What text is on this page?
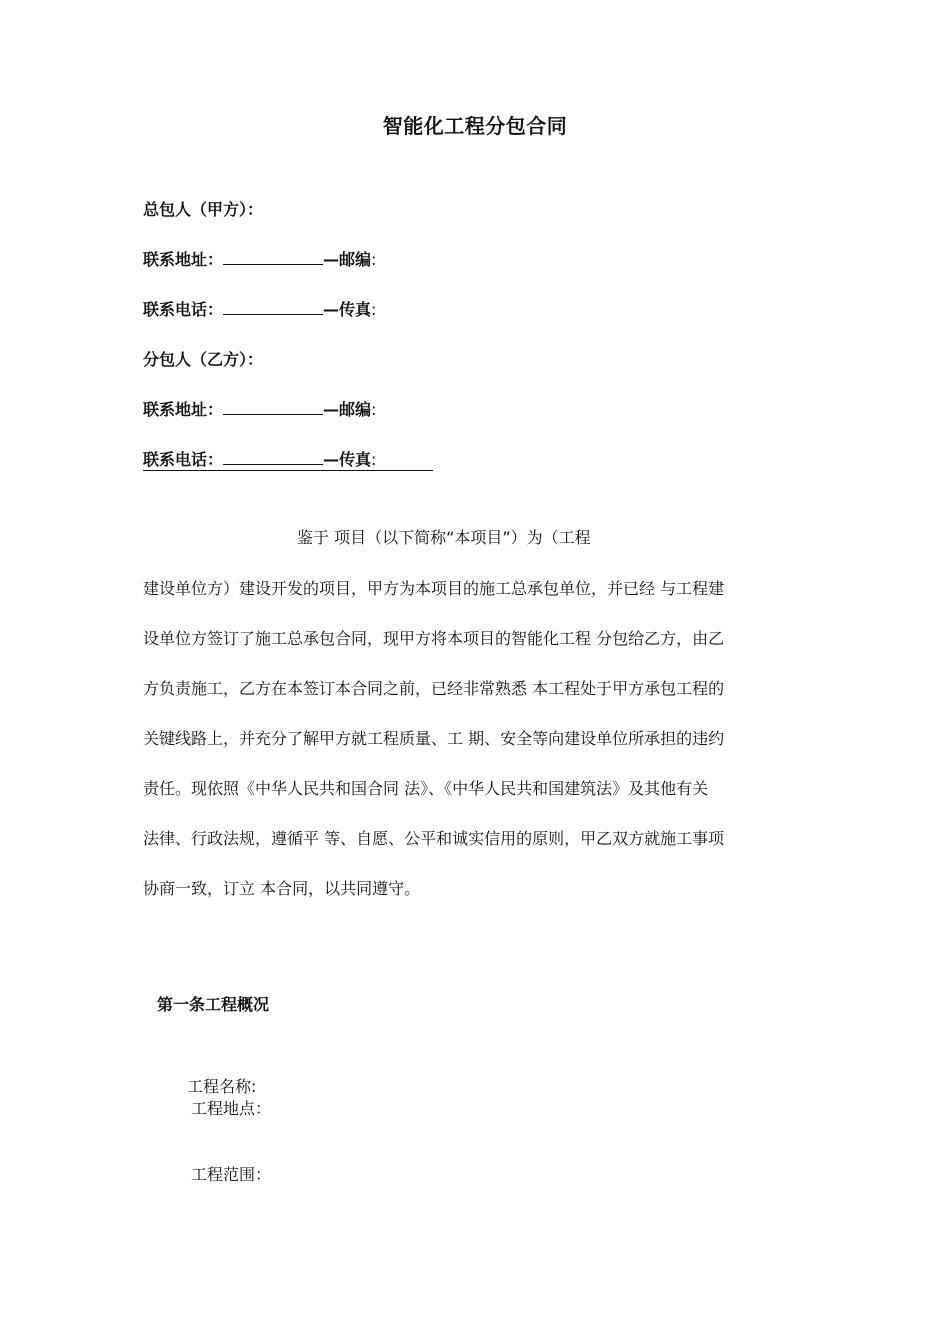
智能化工程分包合同
总包人（甲方）：
联系地址：	—邮编:
联系电话：	—传真:
分包人（乙方）：
联系地址：	—邮编:
联系电话：	—传真:
鉴于 项目（以下简称“本项目”）为（工程
建设单位方）建设开发的项目，甲方为本项目的施工总承包单位，并已经 与工程建
设单位方签订了施工总承包合同，现甲方将本项目的智能化工程 分包给乙方，由乙
方负责施工，乙方在本签订本合同之前，已经非常熟悉 本工程处于甲方承包工程的
关键线路上，并充分了解甲方就工程质量、工 期、安全等向建设单位所承担的违约
责任。现依照《中华人民共和国合同 法》、《中华人民共和国建筑法》及其他有关
法律、行政法规，遵循平 等、自愿、公平和诚实信用的原则，甲乙双方就施工事项
协商一致，订立 本合同，以共同遵守。
第一条工程概况
工程名称:
工程地点：
工程范围：
